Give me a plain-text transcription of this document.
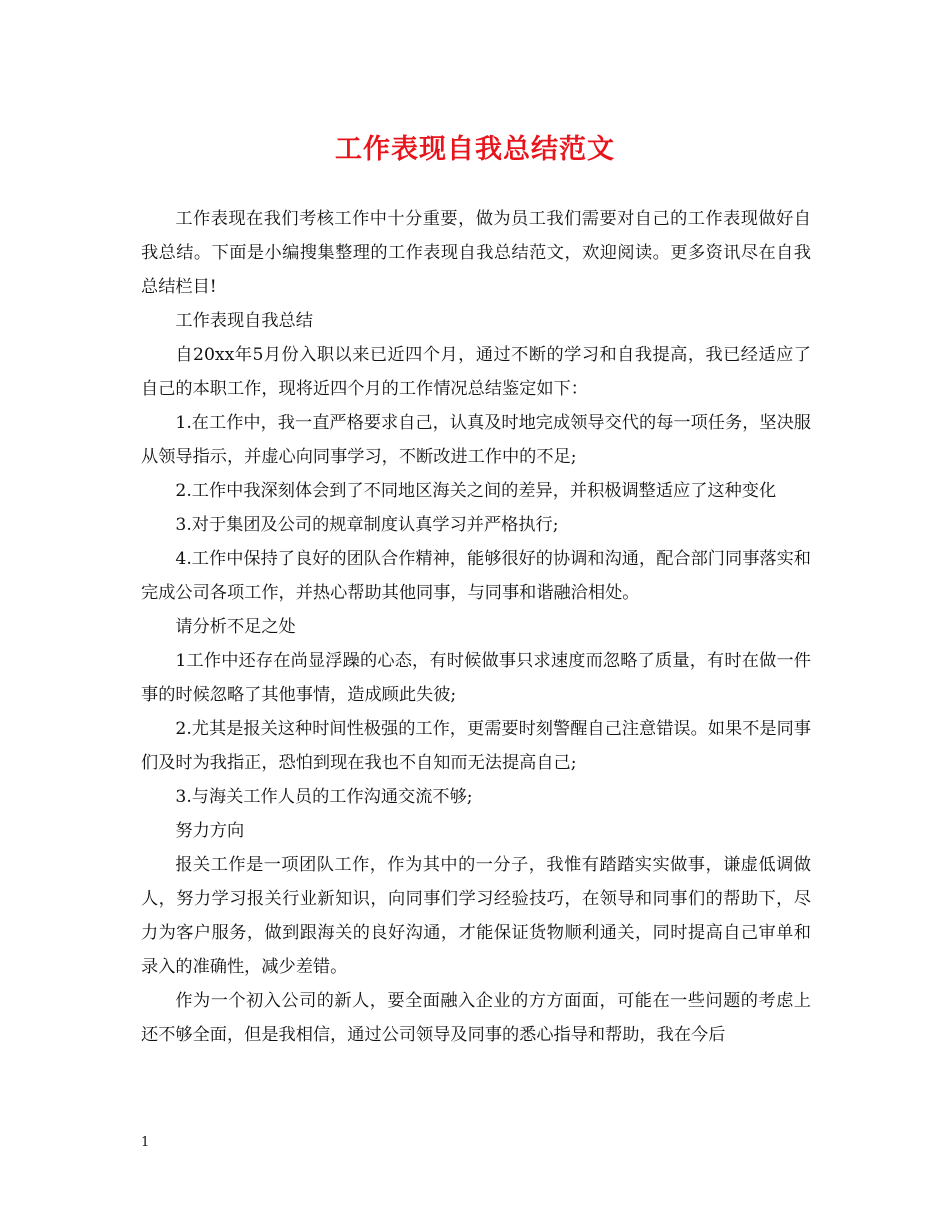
工作表现自我总结范文

工作表现在我们考核工作中十分重要，做为员工我们需要对自己的工作表现做好自我总结。下面是小编搜集整理的工作表现自我总结范文，欢迎阅读。更多资讯尽在自我总结栏目!

工作表现自我总结

自20xx年5月份入职以来已近四个月，通过不断的学习和自我提高，我已经适应了自己的本职工作，现将近四个月的工作情况总结鉴定如下：

1.在工作中，我一直严格要求自己，认真及时地完成领导交代的每一项任务，坚决服从领导指示，并虚心向同事学习，不断改进工作中的不足;

2.工作中我深刻体会到了不同地区海关之间的差异，并积极调整适应了这种变化

3.对于集团及公司的规章制度认真学习并严格执行;

4.工作中保持了良好的团队合作精神，能够很好的协调和沟通，配合部门同事落实和完成公司各项工作，并热心帮助其他同事，与同事和谐融洽相处。

请分析不足之处

1工作中还存在尚显浮躁的心态，有时候做事只求速度而忽略了质量，有时在做一件事的时候忽略了其他事情，造成顾此失彼;

2.尤其是报关这种时间性极强的工作，更需要时刻警醒自己注意错误。如果不是同事们及时为我指正，恐怕到现在我也不自知而无法提高自己;

3.与海关工作人员的工作沟通交流不够;

努力方向

报关工作是一项团队工作，作为其中的一分子，我惟有踏踏实实做事，谦虚低调做人，努力学习报关行业新知识，向同事们学习经验技巧，在领导和同事们的帮助下，尽力为客户服务，做到跟海关的良好沟通，才能保证货物顺利通关，同时提高自己审单和录入的准确性，减少差错。

作为一个初入公司的新人，要全面融入企业的方方面面，可能在一些问题的考虑上还不够全面，但是我相信，通过公司领导及同事的悉心指导和帮助，我在今后

1
